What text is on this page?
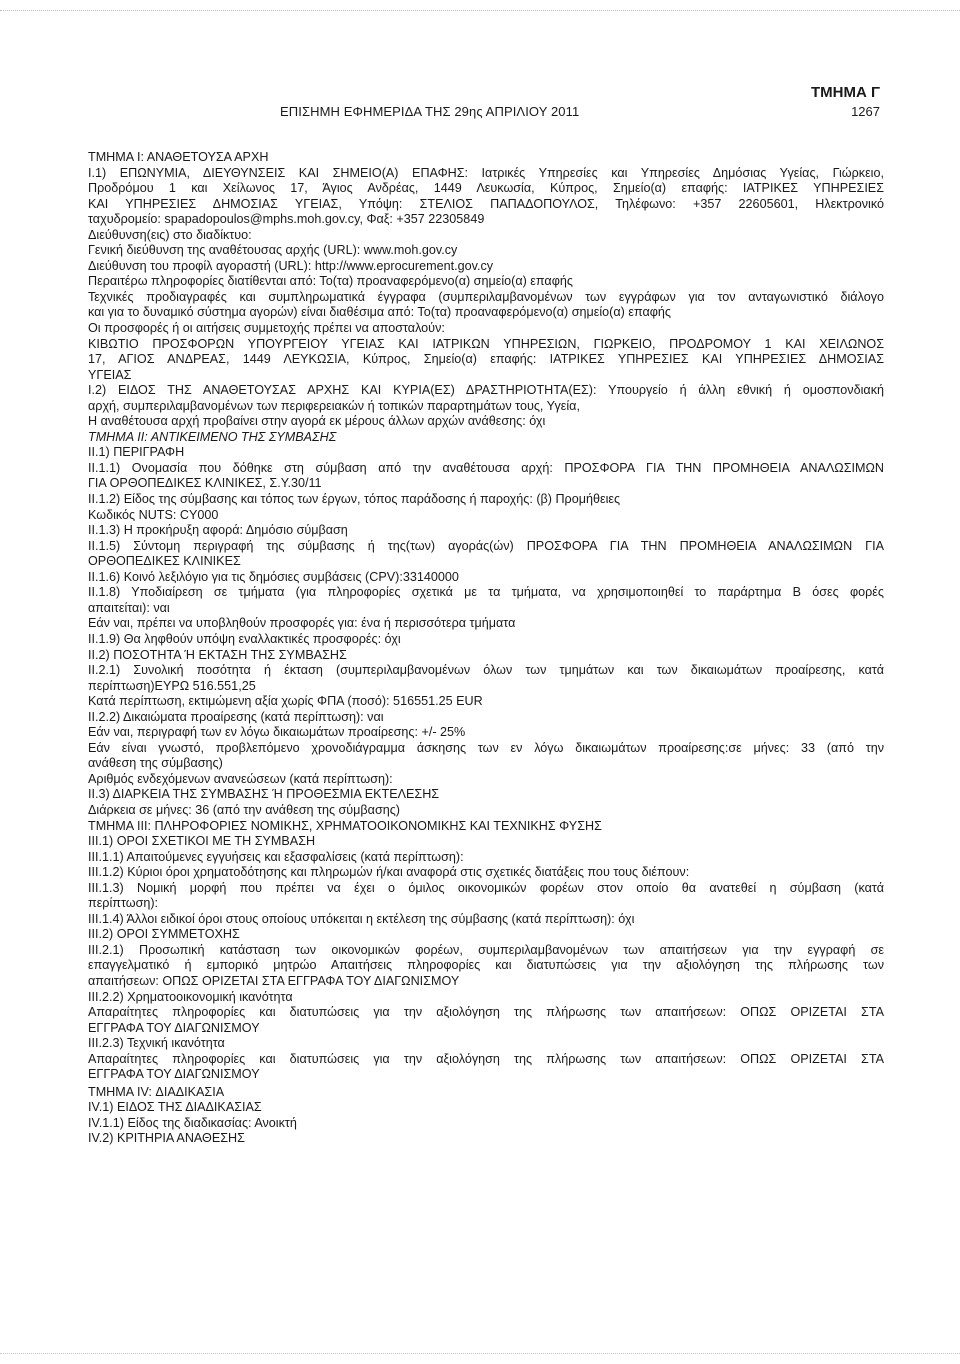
ΤΜΗΜΑ Γ
ΕΠΙΣΗΜΗ ΕΦΗΜΕΡΙΔΑ ΤΗΣ 29ης ΑΠΡΙΛΙΟΥ 2011	1267
ΤΜΗΜΑ Ι: ΑΝΑΘΕΤΟΥΣΑ ΑΡΧΗ
Ι.1) ΕΠΩΝΥΜΙΑ, ΔΙΕΥΘΥΝΣΕΙΣ ΚΑΙ ΣΗΜΕΙΟ(Α) ΕΠΑΦΗΣ: Ιατρικές Υπηρεσίες και Υπηρεσίες Δημόσιας Υγείας, Γιώρκειο,
Προδρόμου 1 και Χείλωνος 17, Άγιος Ανδρέας, 1449 Λευκωσία, Κύπρος, Σημείο(α) επαφής: ΙΑΤΡΙΚΕΣ ΥΠΗΡΕΣΙΕΣ
ΚΑΙ ΥΠΗΡΕΣΙΕΣ ΔΗΜΟΣΙΑΣ ΥΓΕΙΑΣ, Υπόψη: ΣΤΕΛΙΟΣ ΠΑΠΑΔΟΠΟΥΛΟΣ, Τηλέφωνο: +357 22605601, Ηλεκτρονικό
ταχυδρομείο: spapadopoulos@mphs.moh.gov.cy, Φαξ: +357 22305849
Διεύθυνση(εις) στο διαδίκτυο:
Γενική διεύθυνση της αναθέτουσας αρχής (URL): www.moh.gov.cy
Διεύθυνση του προφίλ αγοραστή (URL): http://www.eprocurement.gov.cy
Περαιτέρω πληροφορίες διατίθενται από: Το(τα) προαναφερόμενο(α) σημείο(α) επαφής
Τεχνικές προδιαγραφές και συμπληρωματικά έγγραφα (συμπεριλαμβανομένων των εγγράφων για τον ανταγωνιστικό διάλογο
και για το δυναμικό σύστημα αγορών) είναι διαθέσιμα από: Το(τα) προαναφερόμενο(α) σημείο(α) επαφής
Οι προσφορές ή οι αιτήσεις συμμετοχής πρέπει να αποσταλούν:
ΚΙΒΩΤΙΟ ΠΡΟΣΦΟΡΩΝ ΥΠΟΥΡΓΕΙΟΥ ΥΓΕΙΑΣ ΚΑΙ ΙΑΤΡΙΚΩΝ ΥΠΗΡΕΣΙΩΝ, ΓΙΩΡΚΕΙΟ, ΠΡΟΔΡΟΜΟΥ 1 ΚΑΙ ΧΕΙΛΩΝΟΣ
17, ΑΓΙΟΣ ΑΝΔΡΕΑΣ, 1449 ΛΕΥΚΩΣΙΑ, Κύπρος, Σημείο(α) επαφής: ΙΑΤΡΙΚΕΣ ΥΠΗΡΕΣΙΕΣ ΚΑΙ ΥΠΗΡΕΣΙΕΣ ΔΗΜΟΣΙΑΣ
ΥΓΕΙΑΣ
Ι.2) ΕΙΔΟΣ ΤΗΣ ΑΝΑΘΕΤΟΥΣΑΣ ΑΡΧΗΣ ΚΑΙ ΚΥΡΙΑ(ΕΣ) ΔΡΑΣΤΗΡΙΟΤΗΤΑ(ΕΣ): Υπουργείο ή άλλη εθνική ή ομοσπονδιακή
αρχή, συμπεριλαμβανομένων των περιφερειακών ή τοπικών παραρτημάτων τους, Υγεία,
Η αναθέτουσα αρχή προβαίνει στην αγορά εκ μέρους άλλων αρχών ανάθεσης: όχι
ΤΜΗΜΑ ΙΙ: ΑΝΤΙΚΕΙΜΕΝΟ ΤΗΣ ΣΥΜΒΑΣΗΣ
ΙΙ.1) ΠΕΡΙΓΡΑΦΗ
ΙΙ.1.1) Ονομασία που δόθηκε στη σύμβαση από την αναθέτουσα αρχή: ΠΡΟΣΦΟΡΑ ΓΙΑ ΤΗΝ ΠΡΟΜΗΘΕΙΑ ΑΝΑΛΩΣΙΜΩΝ
ΓΙΑ ΟΡΘΟΠΕΔΙΚΕΣ ΚΛΙΝΙΚΕΣ, Σ.Υ.30/11
ΙΙ.1.2) Είδος της σύμβασης και τόπος των έργων, τόπος παράδοσης ή παροχής: (β) Προμήθειες
Κωδικός NUTS: CY000
ΙΙ.1.3) Η προκήρυξη αφορά: Δημόσιο σύμβαση
ΙΙ.1.5) Σύντομη περιγραφή της σύμβασης ή της(των) αγοράς(ών) ΠΡΟΣΦΟΡΑ ΓΙΑ ΤΗΝ ΠΡΟΜΗΘΕΙΑ ΑΝΑΛΩΣΙΜΩΝ ΓΙΑ
ΟΡΘΟΠΕΔΙΚΕΣ ΚΛΙΝΙΚΕΣ
ΙΙ.1.6) Κοινό λεξιλόγιο για τις δημόσιες συμβάσεις (CPV):33140000
ΙΙ.1.8) Υποδιαίρεση σε τμήματα (για πληροφορίες σχετικά με τα τμήματα, να χρησιμοποιηθεί το παράρτημα Β όσες φορές
απαιτείται): ναι
Εάν ναι, πρέπει να υποβληθούν προσφορές για: ένα ή περισσότερα τμήματα
ΙΙ.1.9) Θα ληφθούν υπόψη εναλλακτικές προσφορές: όχι
ΙΙ.2) ΠΟΣΟΤΗΤΑ Ή ΕΚΤΑΣΗ ΤΗΣ ΣΥΜΒΑΣΗΣ
ΙΙ.2.1) Συνολική ποσότητα ή έκταση (συμπεριλαμβανομένων όλων των τμημάτων και των δικαιωμάτων προαίρεσης, κατά
περίπτωση)ΕΥΡΩ 516.551,25
Κατά περίπτωση, εκτιμώμενη αξία χωρίς ΦΠΑ (ποσό): 516551.25 EUR
ΙΙ.2.2) Δικαιώματα προαίρεσης (κατά περίπτωση): ναι
Εάν ναι, περιγραφή των εν λόγω δικαιωμάτων προαίρεσης: +/- 25%
Εάν είναι γνωστό, προβλεπόμενο χρονοδιάγραμμα άσκησης των εν λόγω δικαιωμάτων προαίρεσης:σε μήνες: 33 (από την
ανάθεση της σύμβασης)
Αριθμός ενδεχόμενων ανανεώσεων (κατά περίπτωση):
ΙΙ.3) ΔΙΑΡΚΕΙΑ ΤΗΣ ΣΥΜΒΑΣΗΣ Ή ΠΡΟΘΕΣΜΙΑ ΕΚΤΕΛΕΣΗΣ
Διάρκεια σε μήνες: 36 (από την ανάθεση της σύμβασης)
ΤΜΗΜΑ ΙΙΙ: ΠΛΗΡΟΦΟΡΙΕΣ ΝΟΜΙΚΗΣ, ΧΡΗΜΑΤΟΟΙΚΟΝΟΜΙΚΗΣ ΚΑΙ ΤΕΧΝΙΚΗΣ ΦΥΣΗΣ
ΙΙΙ.1) ΟΡΟΙ ΣΧΕΤΙΚΟΙ ΜΕ ΤΗ ΣΥΜΒΑΣΗ
ΙΙΙ.1.1) Απαιτούμενες εγγυήσεις και εξασφαλίσεις (κατά περίπτωση):
ΙΙΙ.1.2) Κύριοι όροι χρηματοδότησης και πληρωμών ή/και αναφορά στις σχετικές διατάξεις που τους διέπουν:
ΙΙΙ.1.3) Νομική μορφή που πρέπει να έχει ο όμιλος οικονομικών φορέων στον οποίο θα ανατεθεί η σύμβαση (κατά
περίπτωση):
ΙΙΙ.1.4) Άλλοι ειδικοί όροι στους οποίους υπόκειται η εκτέλεση της σύμβασης (κατά περίπτωση): όχι
ΙΙΙ.2) ΟΡΟΙ ΣΥΜΜΕΤΟΧΗΣ
ΙΙΙ.2.1) Προσωπική κατάσταση των οικονομικών φορέων, συμπεριλαμβανομένων των απαιτήσεων για την εγγραφή σε
επαγγελματικό ή εμπορικό μητρώο Απαιτήσεις πληροφορίες και διατυπώσεις για την αξιολόγηση της πλήρωσης των
απαιτήσεων: ΟΠΩΣ ΟΡΙΖΕΤΑΙ ΣΤΑ ΕΓΓΡΑΦΑ ΤΟΥ ΔΙΑΓΩΝΙΣΜΟΥ
ΙΙΙ.2.2) Χρηματοοικονομική ικανότητα
Απαραίτητες πληροφορίες και διατυπώσεις για την αξιολόγηση της πλήρωσης των απαιτήσεων: ΟΠΩΣ ΟΡΙΖΕΤΑΙ ΣΤΑ
ΕΓΓΡΑΦΑ ΤΟΥ ΔΙΑΓΩΝΙΣΜΟΥ
ΙΙΙ.2.3) Τεχνική ικανότητα
Απαραίτητες πληροφορίες και διατυπώσεις για την αξιολόγηση της πλήρωσης των απαιτήσεων: ΟΠΩΣ ΟΡΙΖΕΤΑΙ ΣΤΑ
ΕΓΓΡΑΦΑ ΤΟΥ ΔΙΑΓΩΝΙΣΜΟΥ
ΤΜΗΜΑ IV: ΔΙΑΔΙΚΑΣΙΑ
IV.1) ΕΙΔΟΣ ΤΗΣ ΔΙΑΔΙΚΑΣΙΑΣ
IV.1.1) Είδος της διαδικασίας: Ανοικτή
IV.2) ΚΡΙΤΗΡΙΑ ΑΝΑΘΕΣΗΣ
